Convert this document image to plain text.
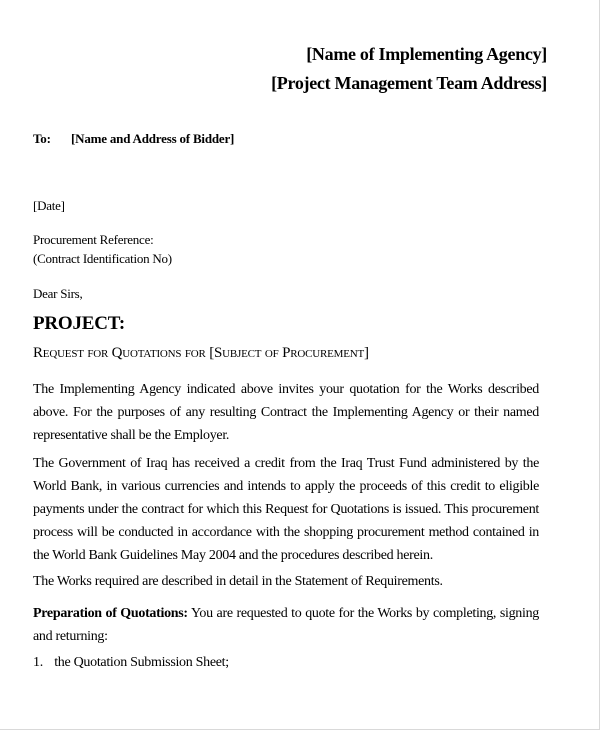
[Name of Implementing Agency]
[Project Management Team Address]
To: [Name and Address of Bidder]
[Date]
Procurement Reference:
(Contract Identification No)
Dear Sirs,
PROJECT:
Request for Quotations for [Subject of Procurement]
The Implementing Agency indicated above invites your quotation for the Works described above. For the purposes of any resulting Contract the Implementing Agency or their named representative shall be the Employer.
The Government of Iraq has received a credit from the Iraq Trust Fund administered by the World Bank, in various currencies and intends to apply the proceeds of this credit to eligible payments under the contract for which this Request for Quotations is issued. This procurement process will be conducted in accordance with the shopping procurement method contained in the World Bank Guidelines May 2004 and the procedures described herein.
The Works required are described in detail in the Statement of Requirements.
Preparation of Quotations: You are requested to quote for the Works by completing, signing and returning:
1. the Quotation Submission Sheet;
